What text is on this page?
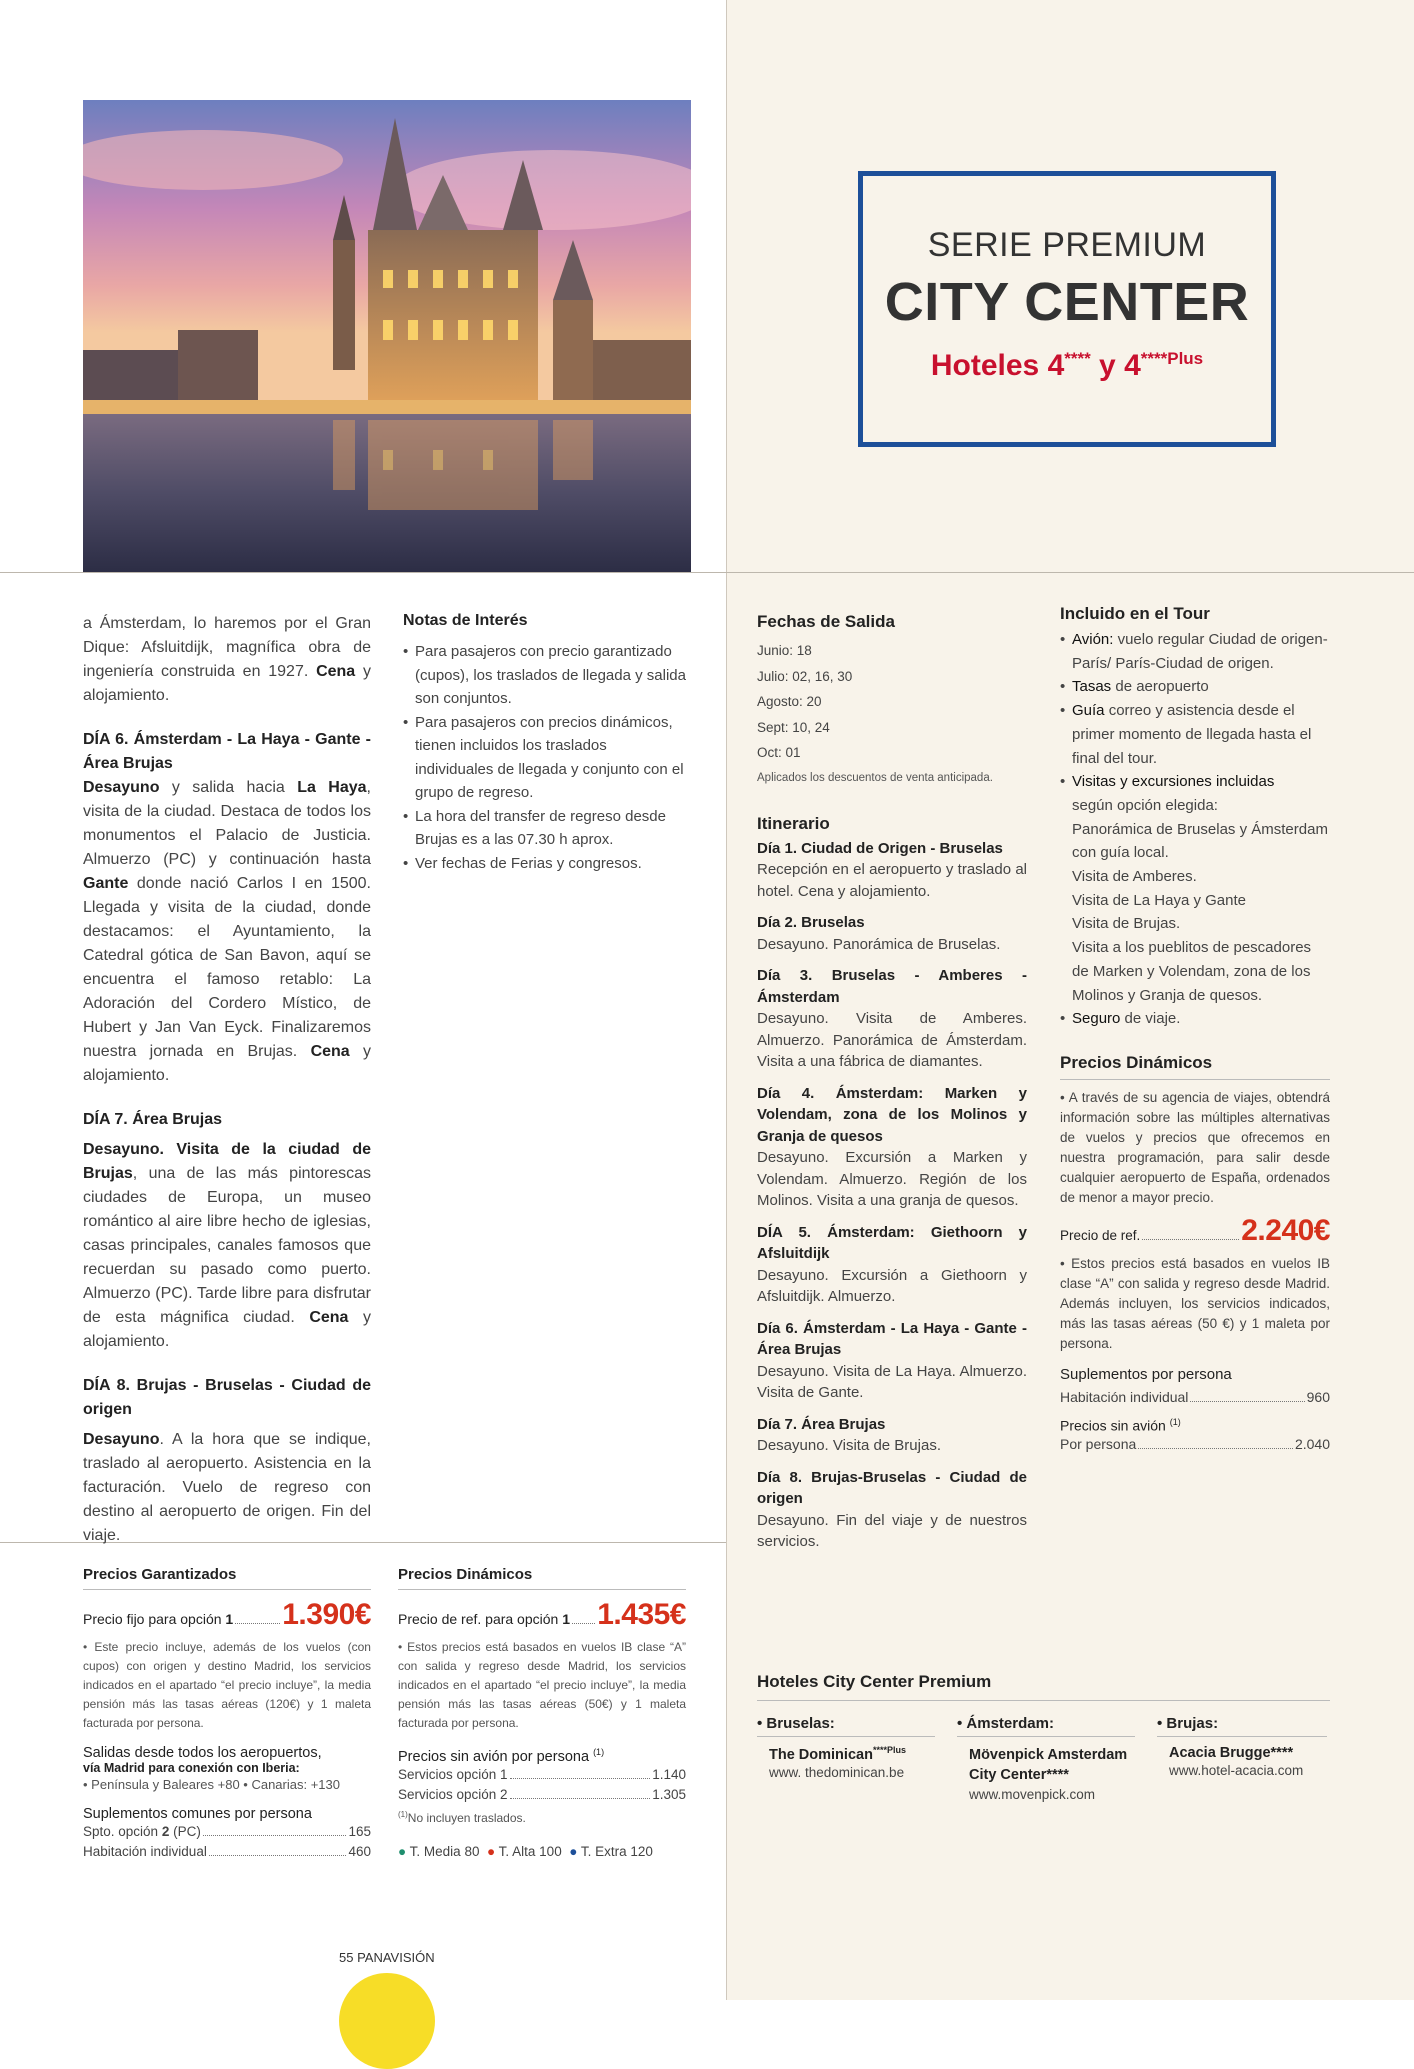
SERIE PREMIUM
CITY CENTER
Hoteles 4**** y $4^{****Plus}$

a Ámsterdam, lo haremos por el Gran Dique: Afsluitdijk, magnífica obra de ingeniería construida en 1927. Cena y alojamiento.

DÍA 6. Ámsterdam - La Haya - Gante - Área Brujas

Desayuno y salida hacia La Haya, visita de la ciudad. Destaca de todos los monumentos el Palacio de Justicia. Almuerzo (PC) y continuación hasta Gante donde nació Carlos I en 1500. Llegada y visita de la ciudad, donde destacamos: el Ayuntamiento, la Catedral gótica de San Bavon, aquí se encuentra el famoso retablo: La Adoración del Cordero Místico, de Hubert y Jan Van Eyck. Finalizaremos nuestra jornada en Brujas. Cena y alojamiento.

DÍA 7. Área Brujas

Desayuno. Visita de la ciudad de Brujas, una de las más pintorescas ciudades de Europa, un museo romántico al aire libre hecho de iglesias, casas principales, canales famosos que recuerdan su pasado como puerto. Almuerzo (PC). Tarde libre para disfrutar de esta mágnifica ciudad. Cena y alojamiento.

DÍA 8. Brujas - Bruselas - Ciudad de origen

Desayuno. A la hora que se indique, traslado al aeropuerto. Asistencia en la facturación. Vuelo de regreso con destino al aeropuerto de origen. Fin del viaje.

Notas de Interés

• Para pasajeros con precio garantizado (cupos), los traslados de llegada y salida son conjuntos.
• Para pasajeros con precios dinámicos, tienen incluidos los traslados individuales de llegada y conjunto con el grupo de regreso.
• La hora del transfer de regreso desde Brujas es a las 07.30 h aprox.
• Ver fechas de Ferias y congresos.

Precios Garantizados

Precio fijo para opción 1 1.390€

• Este precio incluye, además de los vuelos (con cupos) con origen y destino Madrid, los servicios indicados en el apartado “el precio incluye”, la media pensión más las tasas aéreas (120€) y 1 maleta facturada por persona.

Salidas desde todos los aeropuertos,

vía Madrid para conexión con Iberia:

• Península y Baleares +80 • Canarias: +130

Suplementos comunes por persona

Spto. opción 2 (PC)	165
Habitación individual	460

Precios Dinámicos

Precio de ref. para opción 1 1.435€

• Estos precios está basados en vuelos IB clase “A” con salida y regreso desde Madrid, los servicios indicados en el apartado “el precio incluye”, la media pensión más las tasas aéreas (50€) y 1 maleta facturada por persona.

Precios sin avión por persona $^{(1)}$

Servicios opción 1	1.140
Servicios opción 2	1.305

$^{(1)}$No incluyen traslados.

● T. Media 80 ● T. Alta 100 ● T. Extra 120

Fechas de Salida

Junio: 18

Julio: 02, 16, 30

Agosto: 20

Sept: 10, 24

Oct: 01

Aplicados los descuentos de venta anticipada.

Itinerario

Día 1. Ciudad de Origen - Bruselas

Recepción en el aeropuerto y traslado al hotel. Cena y alojamiento.

Día 2. Bruselas

Desayuno. Panorámica de Bruselas.

Día 3. Bruselas - Amberes - Ámsterdam

Desayuno. Visita de Amberes. Almuerzo. Panorámica de Ámsterdam. Visita a una fábrica de diamantes.

Día 4. Ámsterdam: Marken y Volendam, zona de los Molinos y Granja de quesos

Desayuno. Excursión a Marken y Volendam. Almuerzo. Región de los Molinos. Visita a una granja de quesos.

DÍA 5. Ámsterdam: Giethoorn y Afsluitdijk

Desayuno. Excursión a Giethoorn y Afsluitdijk. Almuerzo.

Día 6. Ámsterdam - La Haya - Gante - Área Brujas

Desayuno. Visita de La Haya. Almuerzo. Visita de Gante.

Día 7. Área Brujas

Desayuno. Visita de Brujas.

Día 8. Brujas-Bruselas - Ciudad de origen

Desayuno. Fin del viaje y de nuestros servicios.

Incluido en el Tour

• Avión: vuelo regular Ciudad de origen-París/ París-Ciudad de origen.
• Tasas de aeropuerto
• Guía correo y asistencia desde el primer momento de llegada hasta el final del tour.
• Visitas y excursiones incluidas
según opción elegida:
Panorámica de Bruselas y Ámsterdam con guía local.
Visita de Amberes.
Visita de La Haya y Gante
Visita de Brujas.
Visita a los pueblitos de pescadores de Marken y Volendam, zona de los Molinos y Granja de quesos.
• Seguro de viaje.

Precios Dinámicos

• A través de su agencia de viajes, obtendrá información sobre las múltiples alternativas de vuelos y precios que ofrecemos en nuestra programación, para salir desde cualquier aeropuerto de España, ordenados de menor a mayor precio.

Precio de ref.	2.240€

• Estos precios está basados en vuelos IB clase “A” con salida y regreso desde Madrid. Además incluyen, los servicios indicados, más las tasas aéreas (50 €) y 1 maleta por persona.

Suplementos por persona

Habitación individual	960

Precios sin avión $^{(1)}$

Por persona	2.040

Hoteles City Center Premium

• Bruselas:

The Dominican$^{****Plus}$

www. thedominican.be

• Ámsterdam:

Mövenpick Amsterdam City Center****

www.movenpick.com

• Brujas:

Acacia Brugge****

www.hotel-acacia.com

55 PANAVISIÓN
